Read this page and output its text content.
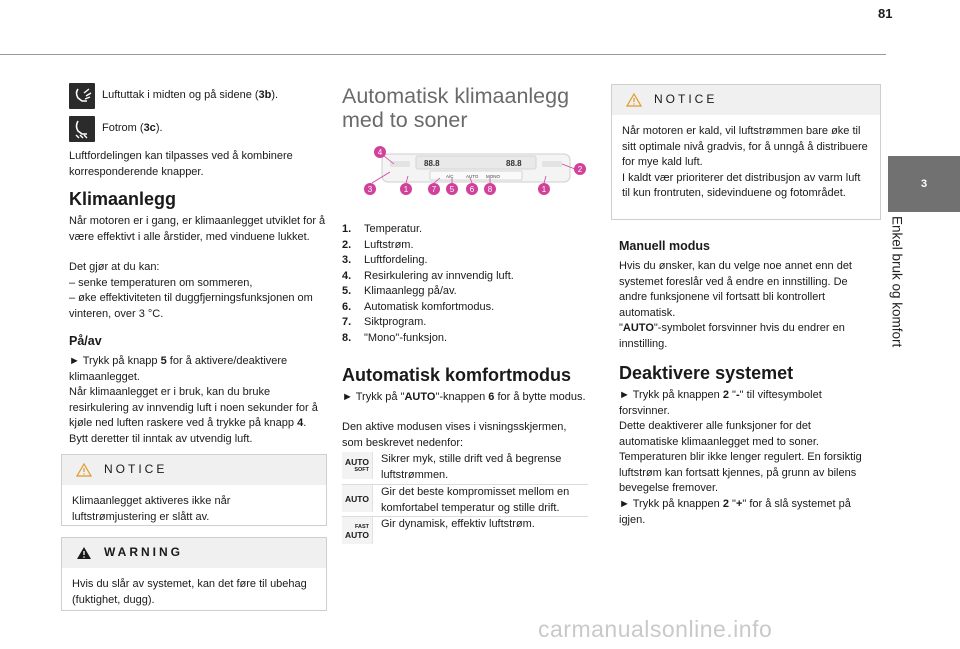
81
3
Enkel bruk og komfort
Luftuttak i midten og på sidene (3b).
Fotrom (3c).
Luftfordelingen kan tilpasses ved å kombinere korresponderende knapper.
Klimaanlegg
Når motoren er i gang, er klimaanlegget utviklet for å være effektivt i alle årstider, med vinduene lukket.
Det gjør at du kan:
– senke temperaturen om sommeren,
– øke effektiviteten til duggfjerningsfunksjonen om vinteren, over 3 °C.
På/av
► Trykk på knapp 5 for å aktivere/deaktivere klimaanlegget.
Når klimaanlegget er i bruk, kan du bruke resirkulering av innvendig luft i noen sekunder for å kjøle ned luften raskere ved å trykke på knapp 4. Bytt deretter til inntak av utvendig luft.
NOTICE
Klimaanlegget aktiveres ikke når luftstrømjustering er slått av.
WARNING
Hvis du slår av systemet, kan det føre til ubehag (fuktighet, dugg).
Automatisk klimaanlegg
med to soner
88.8	88.8
A/C	AUTO MONO
4
2
3	1	7 5 6 8	1
1.	Temperatur.
2.	Luftstrøm.
3.	Luftfordeling.
4.	Resirkulering av innvendig luft.
5.	Klimaanlegg på/av.
6.	Automatisk komfortmodus.
7.	Siktprogram.
8.	"Mono"-funksjon.
Automatisk komfortmodus
► Trykk på "AUTO"-knappen 6 for å bytte modus.
Den aktive modusen vises i visningsskjermen, som beskrevet nedenfor:
AUTO
SOFT
Sikrer myk, stille drift ved å begrense luftstrømmen.
AUTO
Gir det beste kompromisset mellom en komfortabel temperatur og stille drift.
FAST
AUTO
Gir dynamisk, effektiv luftstrøm.
NOTICE
Når motoren er kald, vil luftstrømmen bare øke til sitt optimale nivå gradvis, for å unngå å distribuere for mye kald luft.
I kaldt vær prioriterer det distribusjon av varm luft til kun frontruten, sidevinduene og fotområdet.
Manuell modus
Hvis du ønsker, kan du velge noe annet enn det systemet foreslår ved å endre en innstilling. De andre funksjonene vil fortsatt bli kontrollert automatisk.
"AUTO"-symbolet forsvinner hvis du endrer en innstilling.
Deaktivere systemet
► Trykk på knappen 2 "-" til viftesymbolet forsvinner.
Dette deaktiverer alle funksjoner for det automatiske klimaanlegget med to soner.
Temperaturen blir ikke lenger regulert. En forsiktig luftstrøm kan fortsatt kjennes, på grunn av bilens bevegelse fremover.
► Trykk på knappen 2 "+" for å slå systemet på igjen.
carmanualsonline.info
